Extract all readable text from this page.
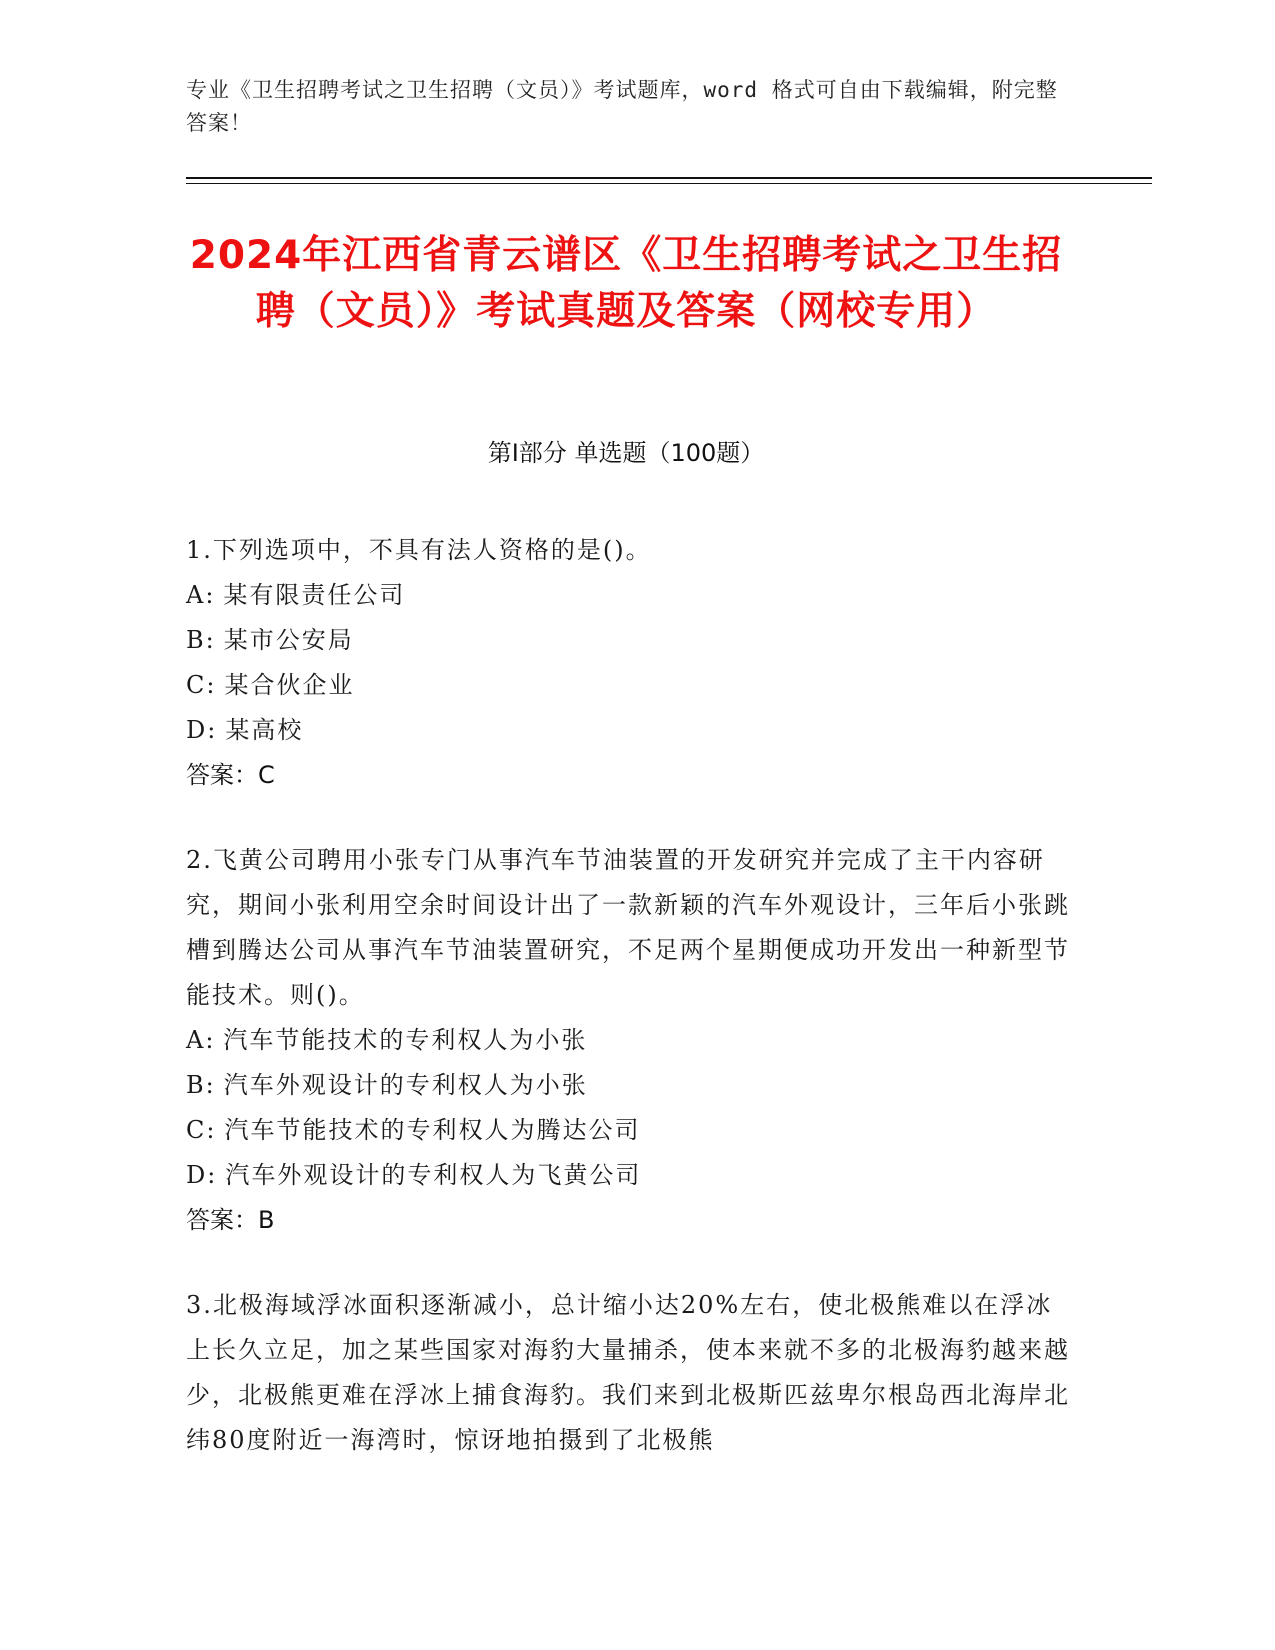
专业《卫生招聘考试之卫生招聘（文员）》考试题库，word 格式可自由下载编辑，附完整答案！
2024年江西省青云谱区《卫生招聘考试之卫生招聘（文员）》考试真题及答案（网校专用）
第Ⅰ部分 单选题（100题）

1.下列选项中，不具有法人资格的是()。

A: 某有限责任公司

B: 某市公安局

C: 某合伙企业

D: 某高校

答案：C

2.飞黄公司聘用小张专门从事汽车节油装置的开发研究并完成了主干内容研究，期间小张利用空余时间设计出了一款新颖的汽车外观设计，三年后小张跳槽到腾达公司从事汽车节油装置研究，不足两个星期便成功开发出一种新型节能技术。则()。

A: 汽车节能技术的专利权人为小张

B: 汽车外观设计的专利权人为小张

C: 汽车节能技术的专利权人为腾达公司

D: 汽车外观设计的专利权人为飞黄公司

答案：B

3.北极海域浮冰面积逐渐减小，总计缩小达20%左右，使北极熊难以在浮冰上长久立足，加之某些国家对海豹大量捕杀，使本来就不多的北极海豹越来越少，北极熊更难在浮冰上捕食海豹。我们来到北极斯匹兹卑尔根岛西北海岸北纬80度附近一海湾时，惊讶地拍摄到了北极熊
